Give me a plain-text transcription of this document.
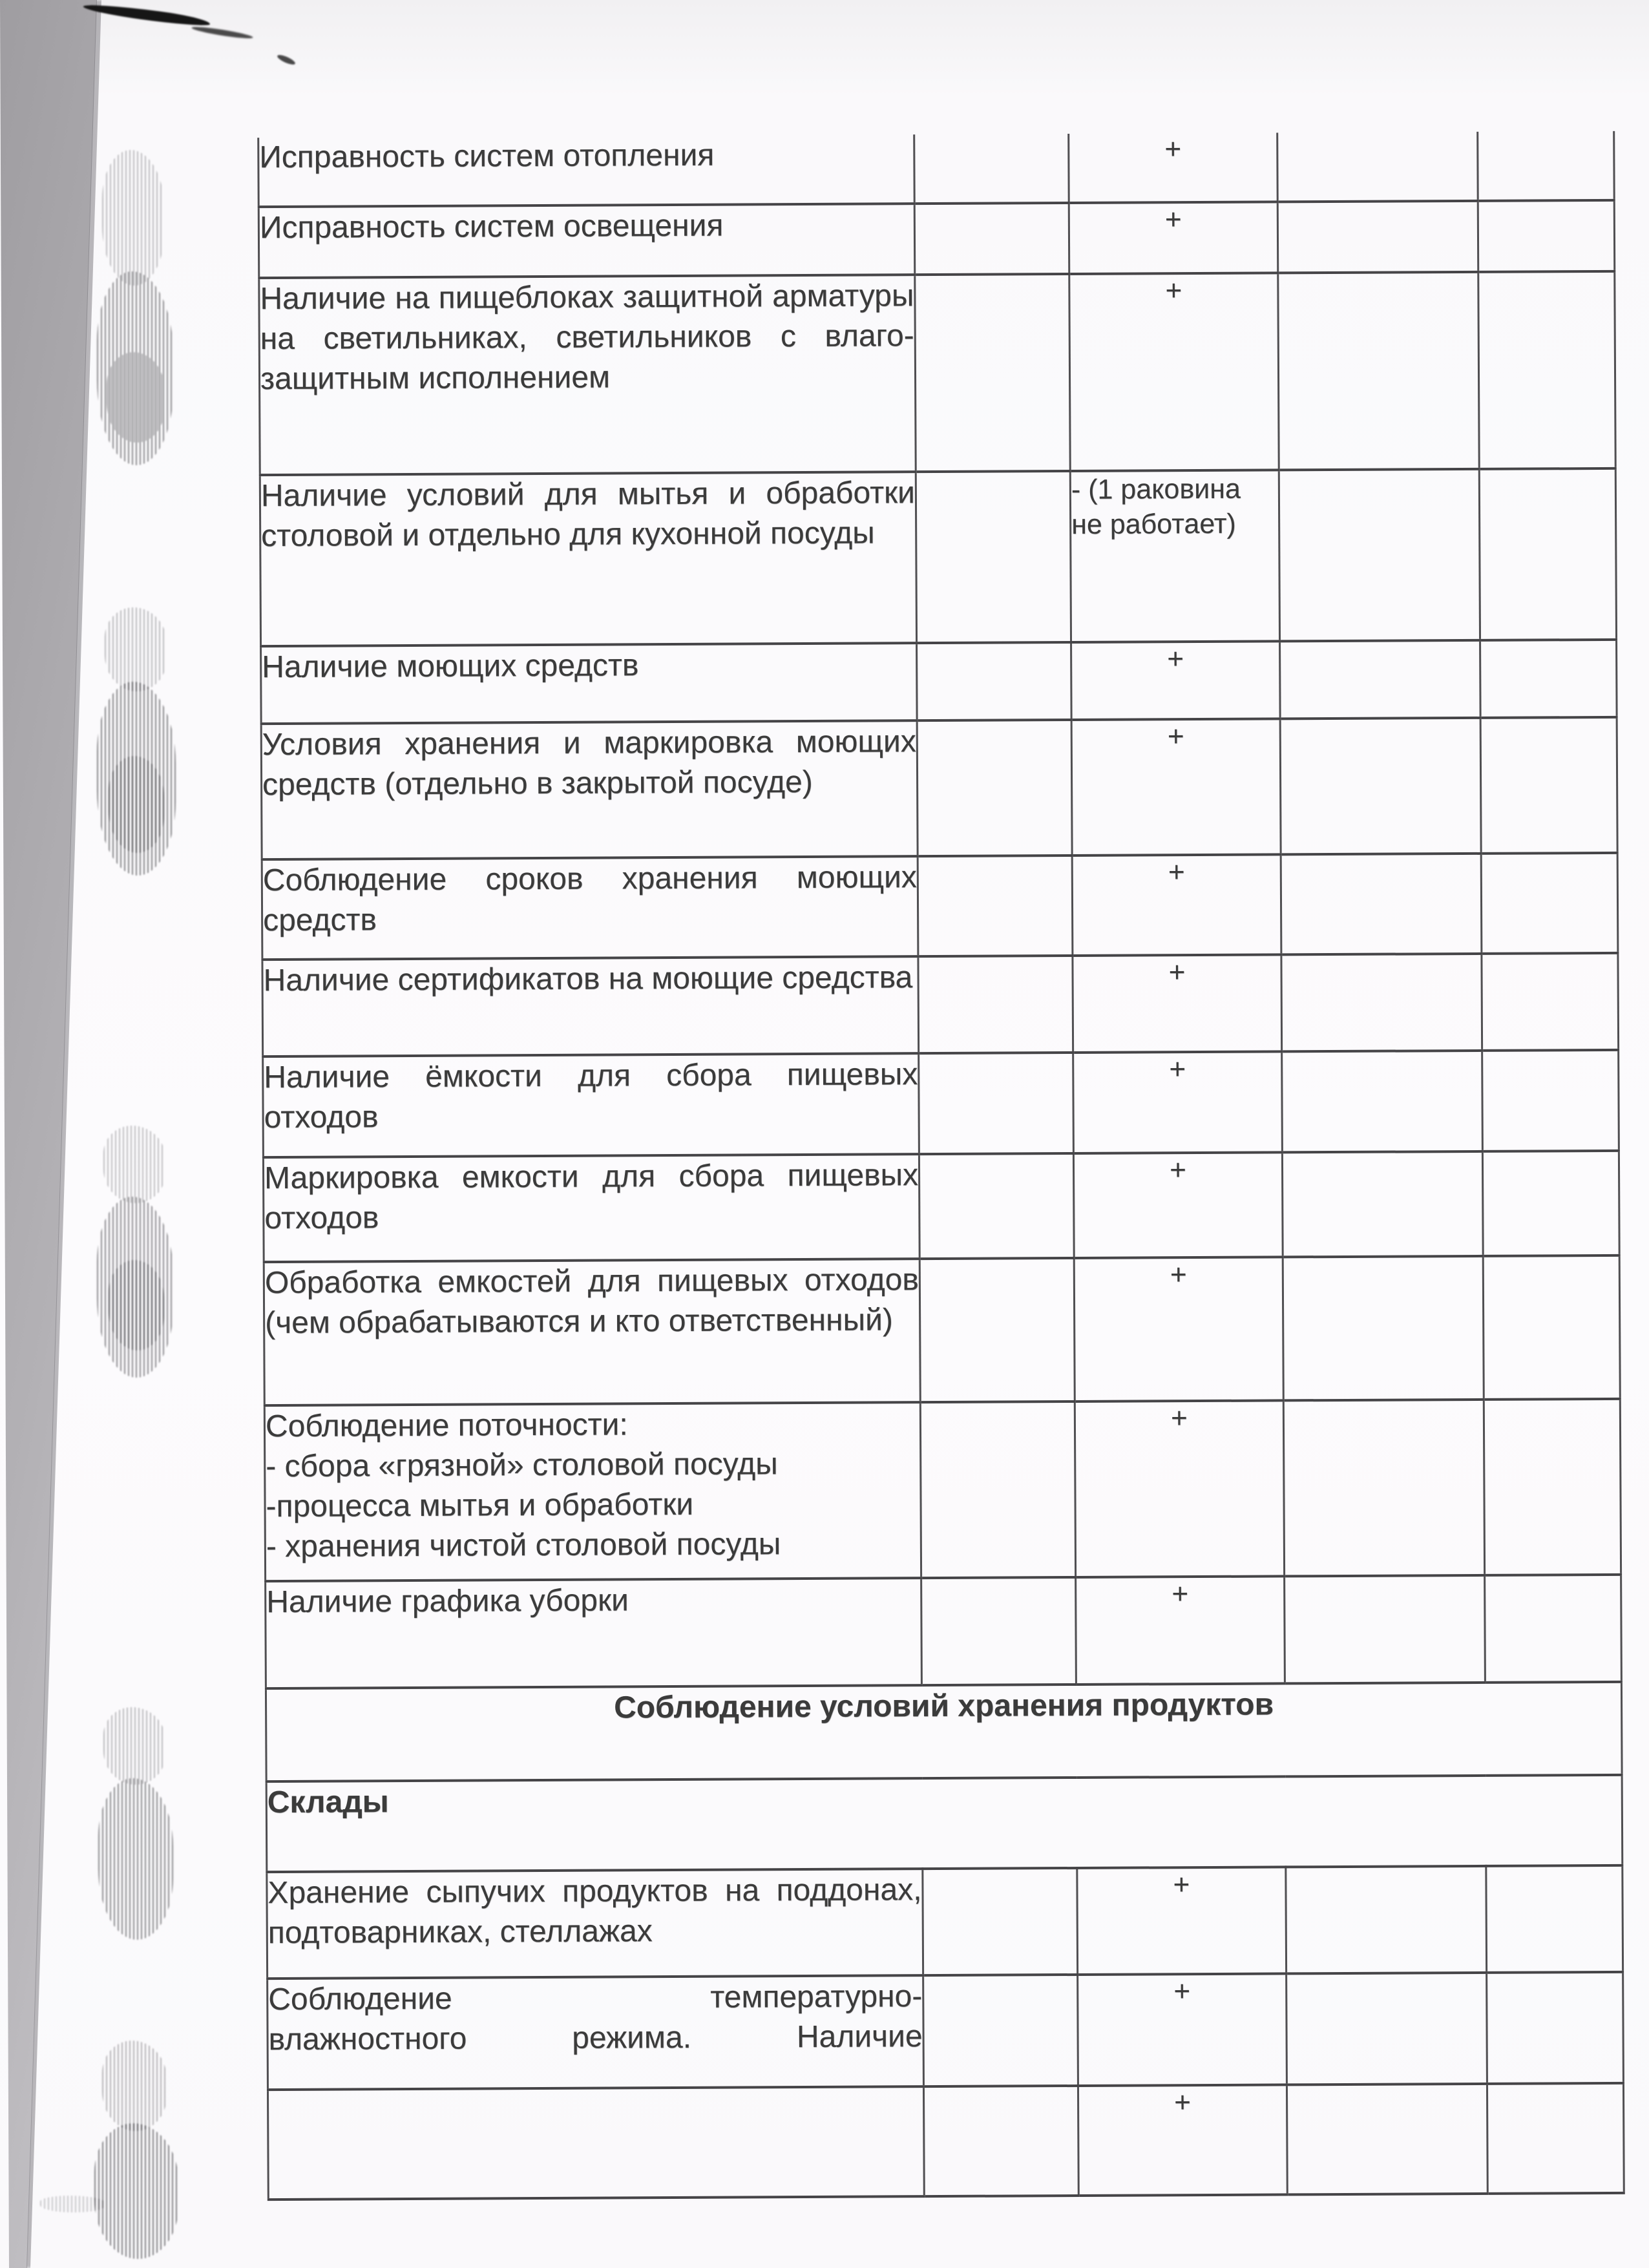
Исправность систем отопления		+		
Исправность систем освещения		+		
Наличие на пищеблоках защитной арматуры на светильниках, светильников с влаго-защитным исполнением		+		
Наличие условий для мытья и обработки столовой и отдельно для кухонной посуды		- (1 раковина не работает)		
Наличие моющих средств		+		
Условия хранения и маркировка моющих средств (отдельно в закрытой посуде)		+		
Соблюдение сроков хранения моющих средств		+		
Наличие сертификатов на моющие средства		+		
Наличие ёмкости для сбора пищевых отходов		+		
Маркировка емкости для сбора пищевых отходов		+		
Обработка емкостей для пищевых отходов (чем обрабатываются и кто ответственный)		+		
Соблюдение поточности:
- сбора «грязной» столовой посуды
-процесса мытья и обработки
- хранения чистой столовой посуды		+		
Наличие графика уборки		+		
Соблюдение условий хранения продуктов				
Склады				
Хранение сыпучих продуктов на поддонах, подтоварниках, стеллажах		+		
Соблюдение температурно-
влажностного режима. Наличие		+		
		+		
